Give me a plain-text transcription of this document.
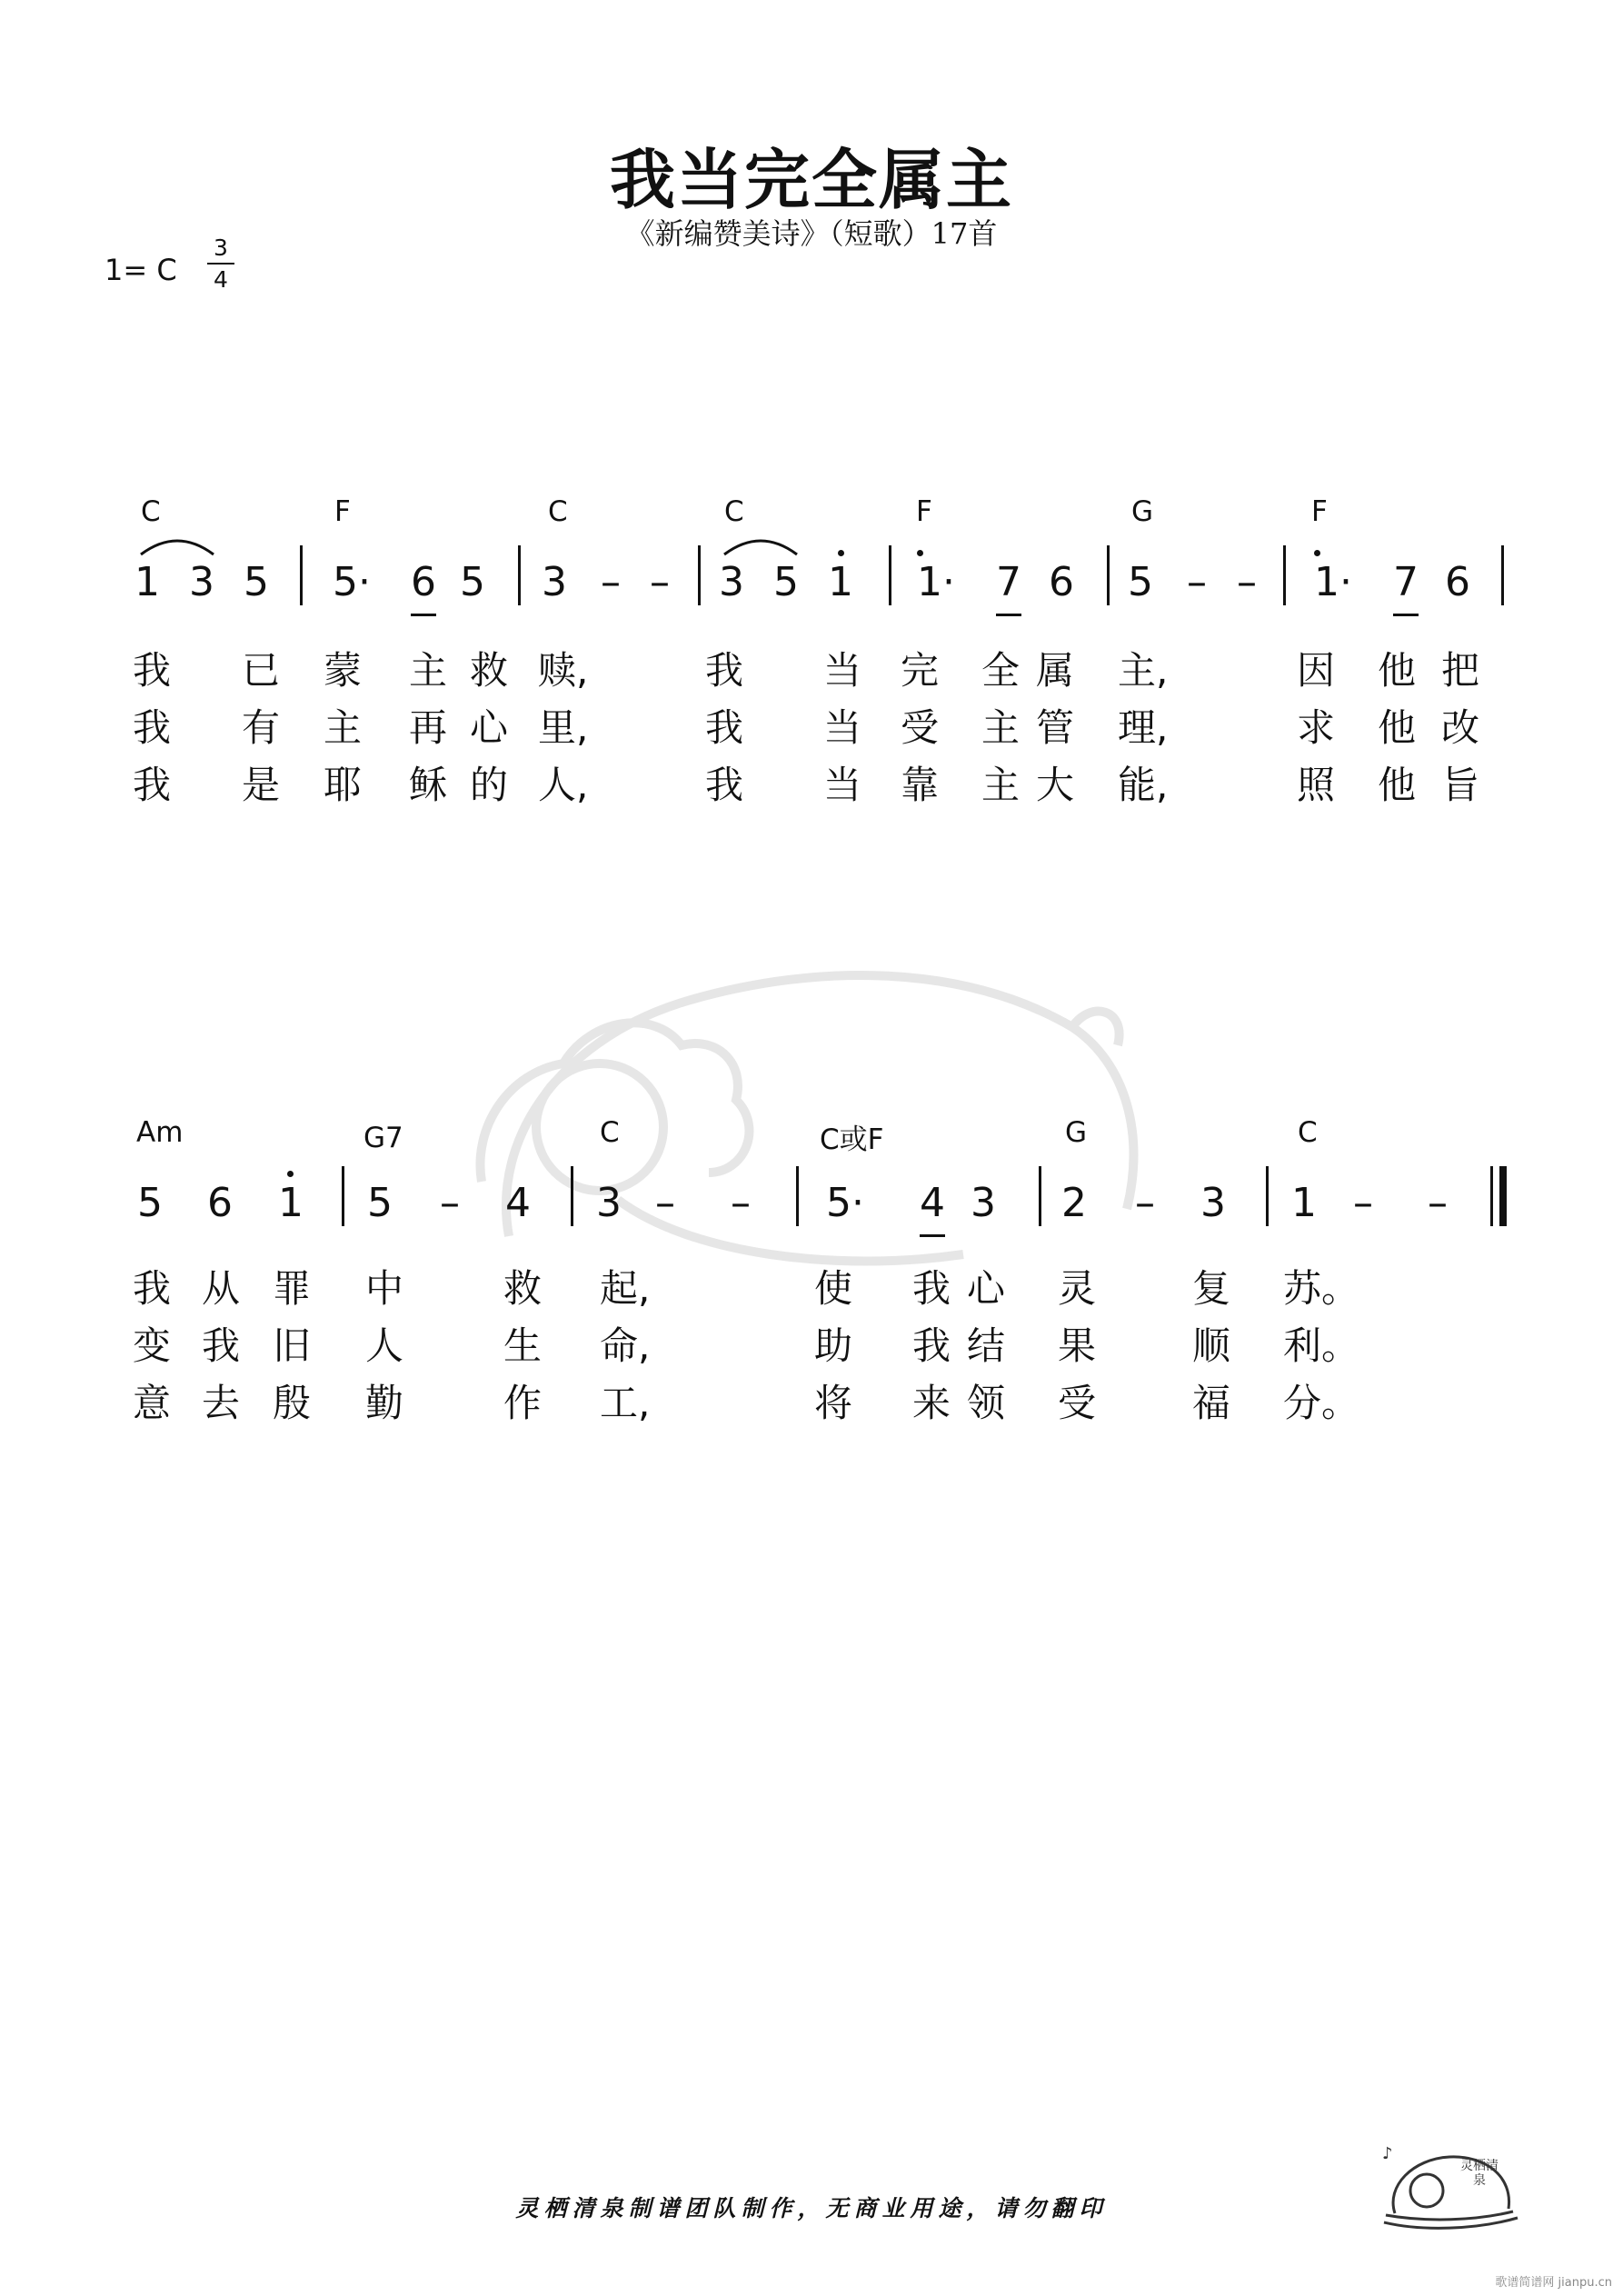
我当完全属主
《新编赞美诗》（短歌）17首
1= C
3
4
C	F	C	C	F	G	F
1 3 5	5·	6 5 3 – – 3 5 1	1·	7 6 5 – –	1·	7 6
我 已 蒙 主 救 赎,	我 当 完 全 属 主,	因 他 把
我 有 主 再 心 里,	我 当 受 主 管 理,	求 他 改
我 是 耶 稣 的 人,	我 当 靠 主 大 能,	照 他 旨
Am	G7	C	C或F	G	C
5 6 1 5 – 4 3 – –	5·	4 3 2 – 3 1 – –
我 从 罪 中	救 起,	使 我 心 灵	复 苏。
变 我 旧 人	生 命,	助 我 结 果	顺 利。
意 去 殷 勤	作 工,	将 来 领 受	福 分。
灵栖清泉制谱团队制作，无商业用途，请勿翻印
♪
灵栖清泉
歌谱简谱网 jianpu.cn
